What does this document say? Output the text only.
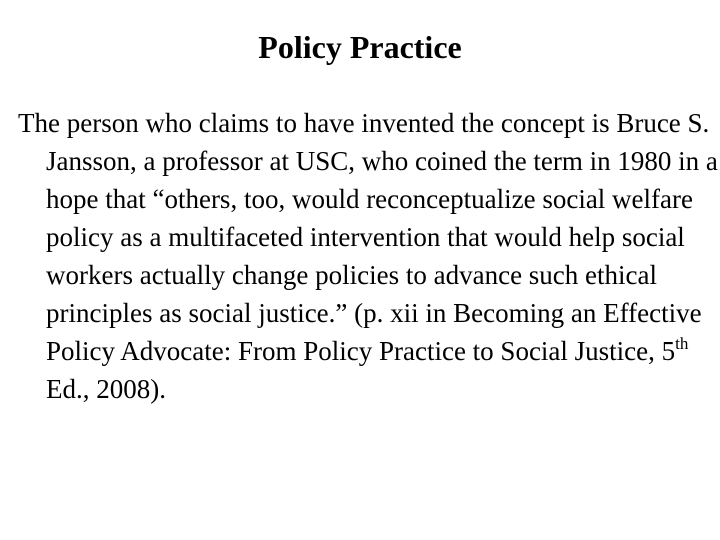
Policy Practice

The person who claims to have invented the concept is Bruce S. Jansson, a professor at USC, who coined the term in 1980 in a hope that “others, too, would reconceptualize social welfare policy as a multifaceted intervention that would help social workers actually change policies to advance such ethical principles as social justice.” (p. xii in Becoming an Effective Policy Advocate: From Policy Practice to Social Justice, 5th Ed., 2008).
